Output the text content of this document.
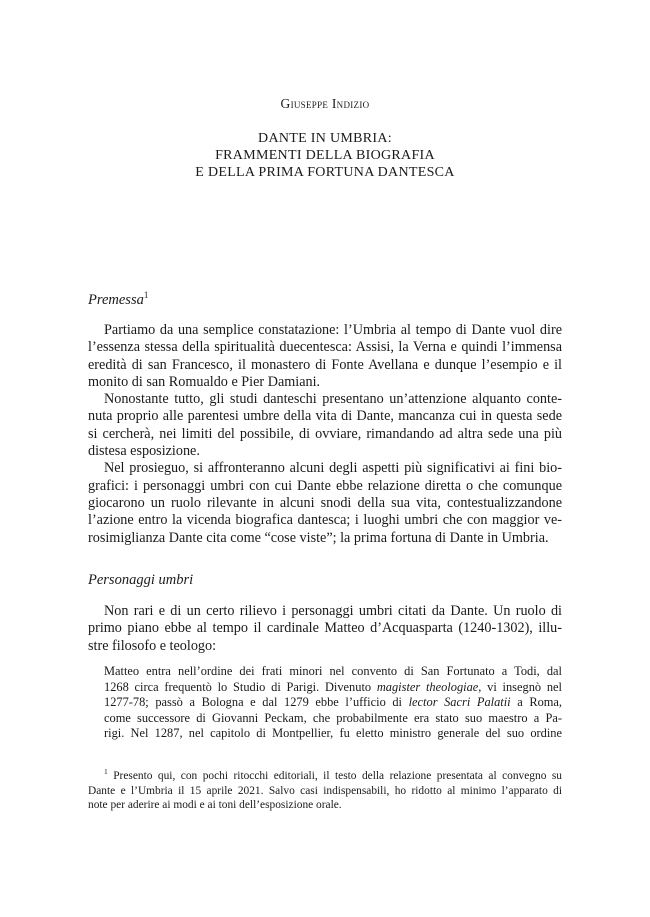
Giuseppe Indizio
DANTE IN UMBRIA:
FRAMMENTI DELLA BIOGRAFIA
E DELLA PRIMA FORTUNA DANTESCA
Premessa$^1$
Partiamo da una semplice constatazione: l’Umbria al tempo di Dante vuol dire
l’essenza stessa della spiritualità duecentesca: Assisi, la Verna e quindi l’immensa
eredità di san Francesco, il monastero di Fonte Avellana e dunque l’esempio e il
monito di san Romualdo e Pier Damiani.
Nonostante tutto, gli studi danteschi presentano un’attenzione alquanto conte-
nuta proprio alle parentesi umbre della vita di Dante, mancanza cui in questa sede
si cercherà, nei limiti del possibile, di ovviare, rimandando ad altra sede una più
distesa esposizione.
Nel prosieguo, si affronteranno alcuni degli aspetti più significativi ai fini bio-
grafici: i personaggi umbri con cui Dante ebbe relazione diretta o che comunque
giocarono un ruolo rilevante in alcuni snodi della sua vita, contestualizzandone
l’azione entro la vicenda biografica dantesca; i luoghi umbri che con maggior ve-
rosimiglianza Dante cita come “cose viste”; la prima fortuna di Dante in Umbria.
Personaggi umbri
Non rari e di un certo rilievo i personaggi umbri citati da Dante. Un ruolo di
primo piano ebbe al tempo il cardinale Matteo d’Acquasparta (1240-1302), illu-
stre filosofo e teologo:
Matteo entra nell’ordine dei frati minori nel convento di San Fortunato a Todi, dal
1268 circa frequentò lo Studio di Parigi. Divenuto magister theologiae, vi insegnò nel
1277-78; passò a Bologna e dal 1279 ebbe l’ufficio di lector Sacri Palatii a Roma,
come successore di Giovanni Peckam, che probabilmente era stato suo maestro a Pa-
rigi. Nel 1287, nel capitolo di Montpellier, fu eletto ministro generale del suo ordine
$^1$ Presento qui, con pochi ritocchi editoriali, il testo della relazione presentata al convegno su
Dante e l’Umbria il 15 aprile 2021. Salvo casi indispensabili, ho ridotto al minimo l’apparato di
note per aderire ai modi e ai toni dell’esposizione orale.
